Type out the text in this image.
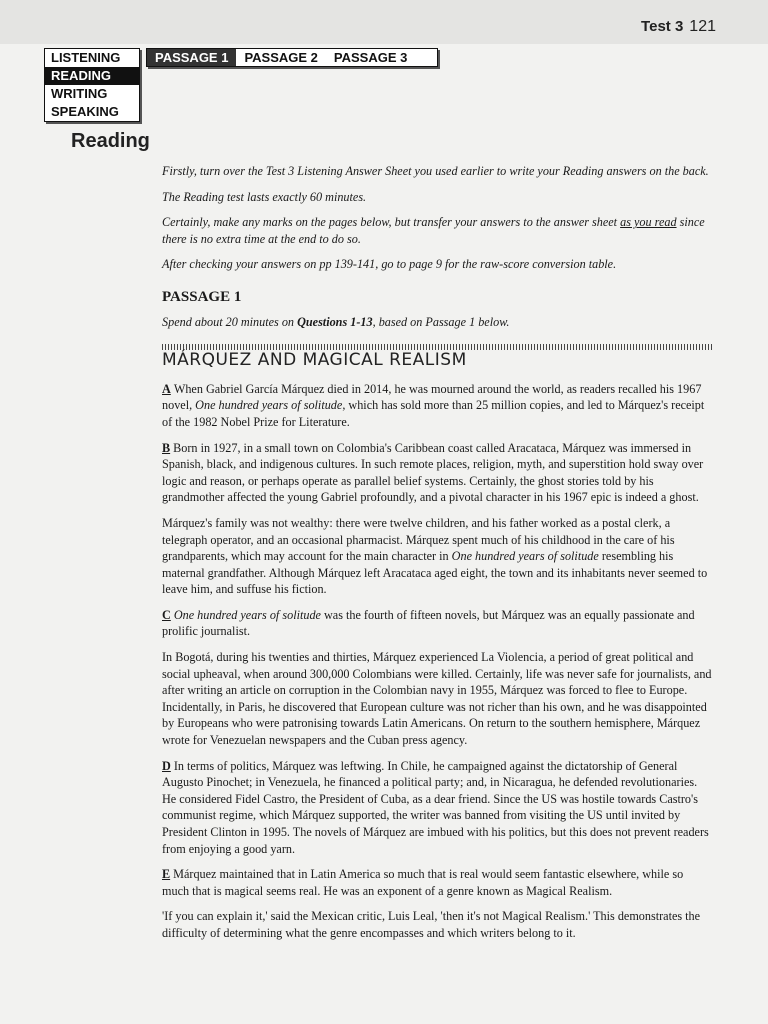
Test 3 121
LISTENING
READING
WRITING
SPEAKING
PASSAGE 1	PASSAGE 2	PASSAGE 3
Reading

Firstly, turn over the Test 3 Listening Answer Sheet you used earlier to write your Reading answers on the back.

The Reading test lasts exactly 60 minutes.

Certainly, make any marks on the pages below, but transfer your answers to the answer sheet as you read since there is no extra time at the end to do so.

After checking your answers on pp 139-141, go to page 9 for the raw-score conversion table.

PASSAGE 1

Spend about 20 minutes on Questions 1-13, based on Passage 1 below.

MÁRQUEZ AND MAGICAL REALISM

A When Gabriel García Márquez died in 2014, he was mourned around the world, as readers recalled his 1967 novel, One hundred years of solitude, which has sold more than 25 million copies, and led to Márquez's receipt of the 1982 Nobel Prize for Literature.

B Born in 1927, in a small town on Colombia's Caribbean coast called Aracataca, Márquez was immersed in Spanish, black, and indigenous cultures. In such remote places, religion, myth, and superstition hold sway over logic and reason, or perhaps operate as parallel belief systems. Certainly, the ghost stories told by his grandmother affected the young Gabriel profoundly, and a pivotal character in his 1967 epic is indeed a ghost.

Márquez's family was not wealthy: there were twelve children, and his father worked as a postal clerk, a telegraph operator, and an occasional pharmacist. Márquez spent much of his childhood in the care of his grandparents, which may account for the main character in One hundred years of solitude resembling his maternal grandfather. Although Márquez left Aracataca aged eight, the town and its inhabitants never seemed to leave him, and suffuse his fiction.

C One hundred years of solitude was the fourth of fifteen novels, but Márquez was an equally passionate and prolific journalist.

In Bogotá, during his twenties and thirties, Márquez experienced La Violencia, a period of great political and social upheaval, when around 300,000 Colombians were killed. Certainly, life was never safe for journalists, and after writing an article on corruption in the Colombian navy in 1955, Márquez was forced to flee to Europe. Incidentally, in Paris, he discovered that European culture was not richer than his own, and he was disappointed by Europeans who were patronising towards Latin Americans. On return to the southern hemisphere, Márquez wrote for Venezuelan newspapers and the Cuban press agency.

D In terms of politics, Márquez was leftwing. In Chile, he campaigned against the dictatorship of General Augusto Pinochet; in Venezuela, he financed a political party; and, in Nicaragua, he defended revolutionaries. He considered Fidel Castro, the President of Cuba, as a dear friend. Since the US was hostile towards Castro's communist regime, which Márquez supported, the writer was banned from visiting the US until invited by President Clinton in 1995. The novels of Márquez are imbued with his politics, but this does not prevent readers from enjoying a good yarn.

E Márquez maintained that in Latin America so much that is real would seem fantastic elsewhere, while so much that is magical seems real. He was an exponent of a genre known as Magical Realism.

'If you can explain it,' said the Mexican critic, Luis Leal, 'then it's not Magical Realism.' This demonstrates the difficulty of determining what the genre encompasses and which writers belong to it.
